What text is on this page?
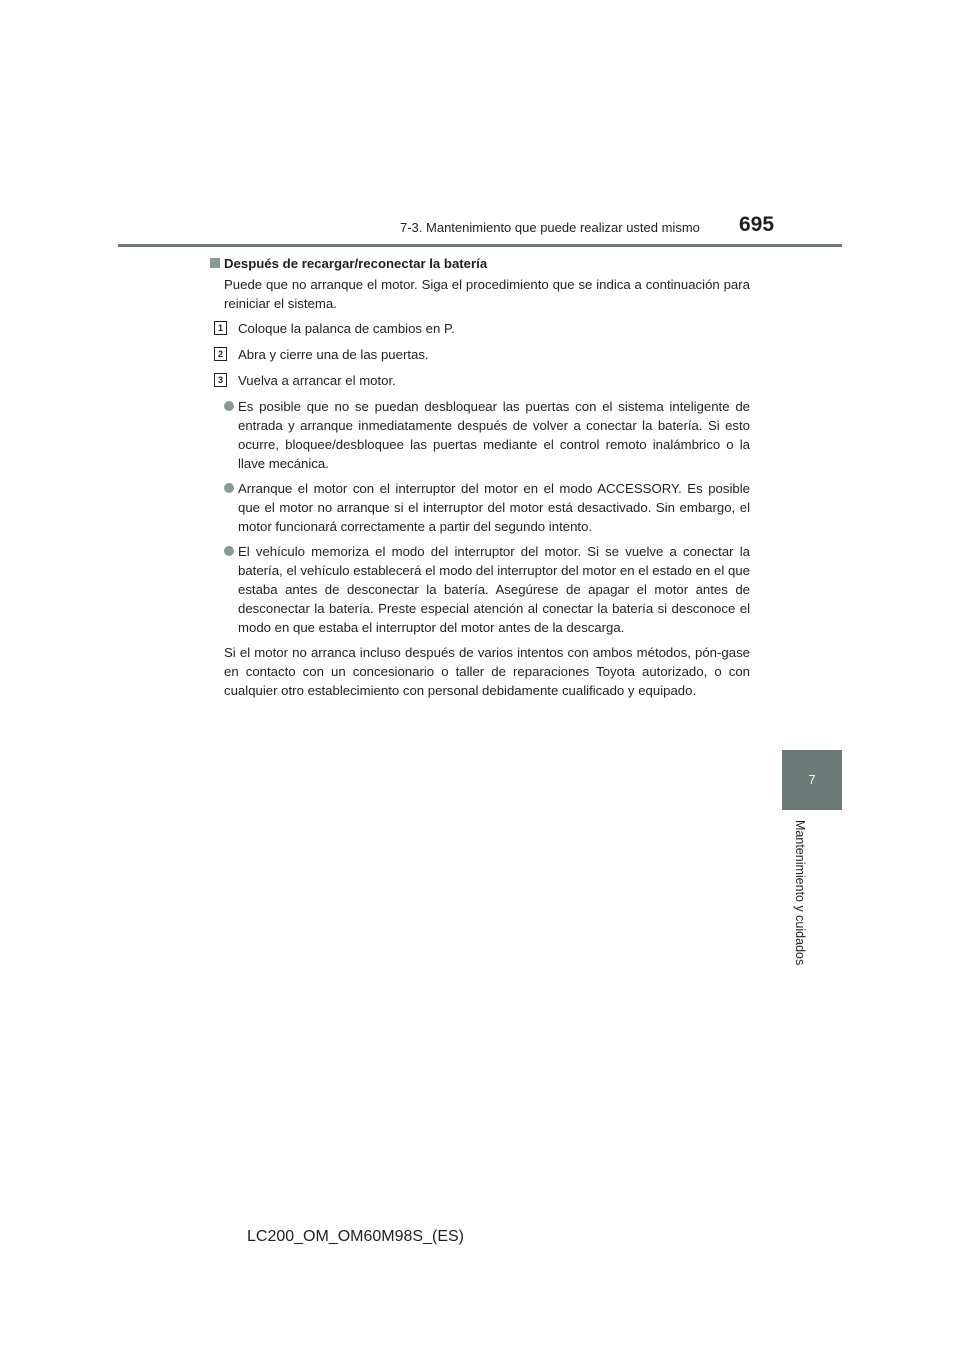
7-3. Mantenimiento que puede realizar usted mismo 695
Después de recargar/reconectar la batería

Puede que no arranque el motor. Siga el procedimiento que se indica a continuación para reiniciar el sistema.

1	Coloque la palanca de cambios en P.
2	Abra y cierre una de las puertas.
3	Vuelva a arrancar el motor.

Es posible que no se puedan desbloquear las puertas con el sistema inteligente de entrada y arranque inmediatamente después de volver a conectar la batería. Si esto ocurre, bloquee/desbloquee las puertas mediante el control remoto inalámbrico o la llave mecánica.

Arranque el motor con el interruptor del motor en el modo ACCESSORY. Es posible que el motor no arranque si el interruptor del motor está desactivado. Sin embargo, el motor funcionará correctamente a partir del segundo intento.

El vehículo memoriza el modo del interruptor del motor. Si se vuelve a conectar la batería, el vehículo establecerá el modo del interruptor del motor en el estado en el que estaba antes de desconectar la batería. Asegúrese de apagar el motor antes de desconectar la batería. Preste especial atención al conectar la batería si desconoce el modo en que estaba el interruptor del motor antes de la descarga.

Si el motor no arranca incluso después de varios intentos con ambos métodos, pón-gase en contacto con un concesionario o taller de reparaciones Toyota autorizado, o con cualquier otro establecimiento con personal debidamente cualificado y equipado.

7
Mantenimiento y cuidados
LC200_OM_OM60M98S_(ES)
